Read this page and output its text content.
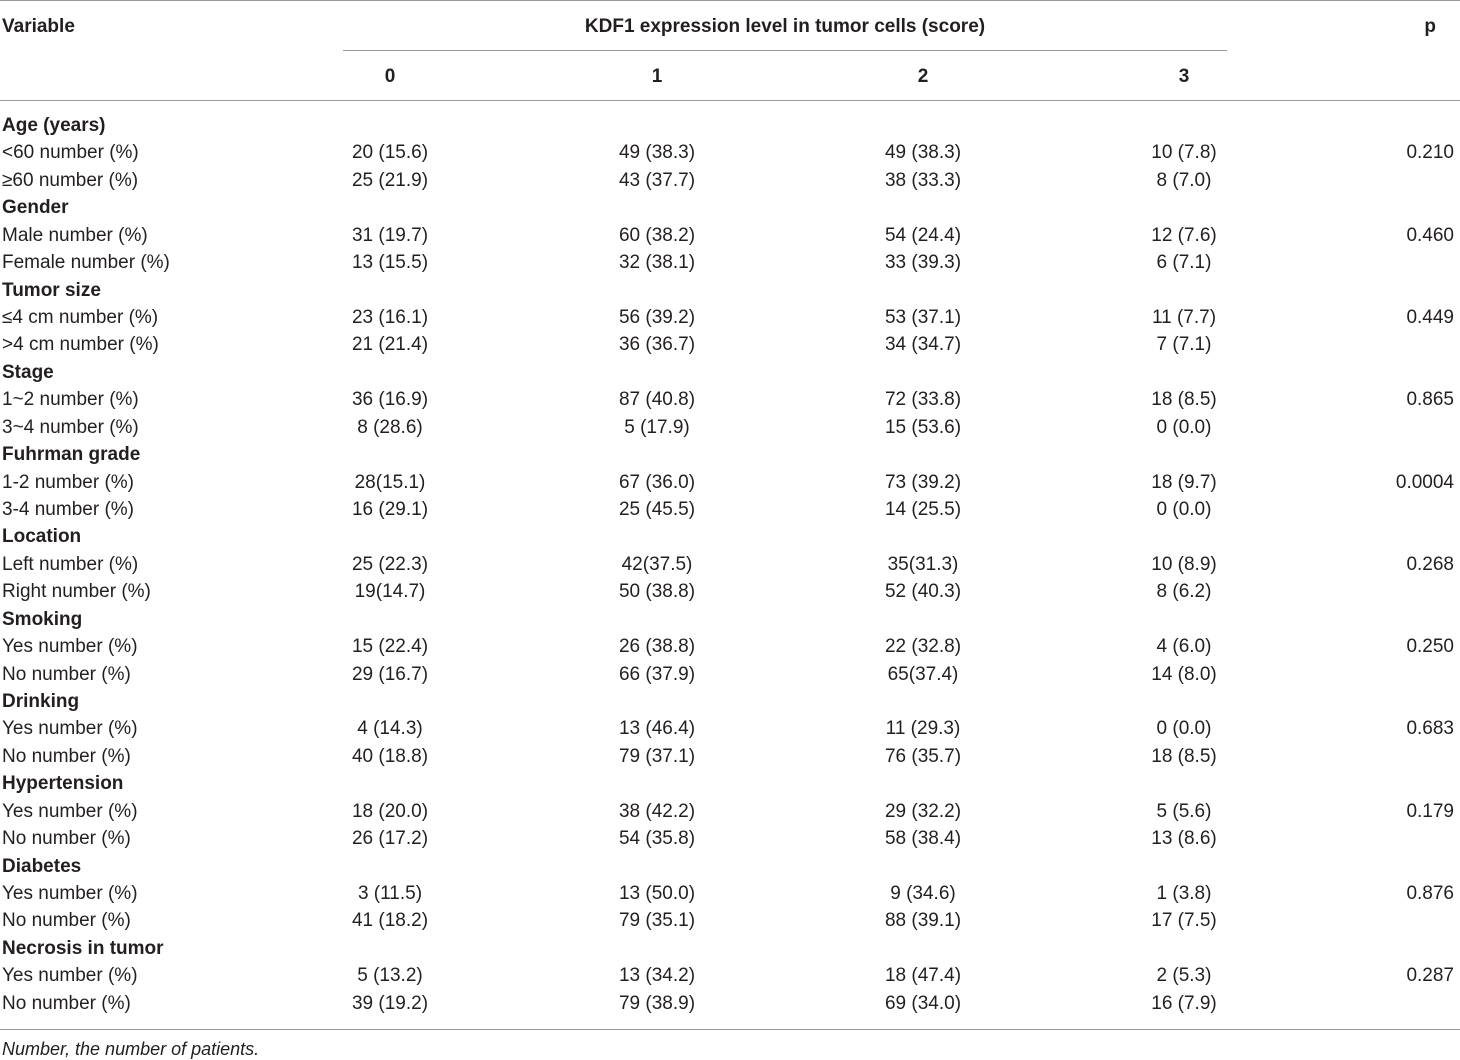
Variable	KDF1 expression level in tumor cells (score)	p
0	1	2	3
Age (years)
<60 number (%)	20 (15.6)	49 (38.3)	49 (38.3)	10 (7.8)	0.210
≥60 number (%)	25 (21.9)	43 (37.7)	38 (33.3)	8 (7.0)
Gender
Male number (%)	31 (19.7)	60 (38.2)	54 (24.4)	12 (7.6)	0.460
Female number (%)	13 (15.5)	32 (38.1)	33 (39.3)	6 (7.1)
Tumor size
≤4 cm number (%)	23 (16.1)	56 (39.2)	53 (37.1)	11 (7.7)	0.449
>4 cm number (%)	21 (21.4)	36 (36.7)	34 (34.7)	7 (7.1)
Stage
1~2 number (%)	36 (16.9)	87 (40.8)	72 (33.8)	18 (8.5)	0.865
3~4 number (%)	8 (28.6)	5 (17.9)	15 (53.6)	0 (0.0)
Fuhrman grade
1-2 number (%)	28(15.1)	67 (36.0)	73 (39.2)	18 (9.7)	0.0004
3-4 number (%)	16 (29.1)	25 (45.5)	14 (25.5)	0 (0.0)
Location
Left number (%)	25 (22.3)	42(37.5)	35(31.3)	10 (8.9)	0.268
Right number (%)	19(14.7)	50 (38.8)	52 (40.3)	8 (6.2)
Smoking
Yes number (%)	15 (22.4)	26 (38.8)	22 (32.8)	4 (6.0)	0.250
No number (%)	29 (16.7)	66 (37.9)	65(37.4)	14 (8.0)
Drinking
Yes number (%)	4 (14.3)	13 (46.4)	11 (29.3)	0 (0.0)	0.683
No number (%)	40 (18.8)	79 (37.1)	76 (35.7)	18 (8.5)
Hypertension
Yes number (%)	18 (20.0)	38 (42.2)	29 (32.2)	5 (5.6)	0.179
No number (%)	26 (17.2)	54 (35.8)	58 (38.4)	13 (8.6)
Diabetes
Yes number (%)	3 (11.5)	13 (50.0)	9 (34.6)	1 (3.8)	0.876
No number (%)	41 (18.2)	79 (35.1)	88 (39.1)	17 (7.5)
Necrosis in tumor
Yes number (%)	5 (13.2)	13 (34.2)	18 (47.4)	2 (5.3)	0.287
No number (%)	39 (19.2)	79 (38.9)	69 (34.0)	16 (7.9)
Number, the number of patients.
